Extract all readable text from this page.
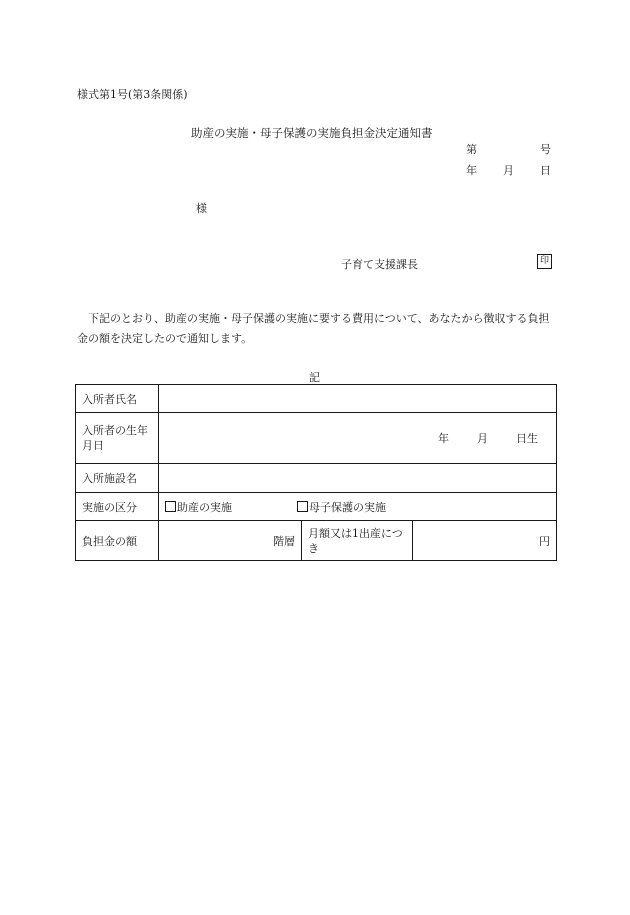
様式第1号(第3条関係)
助産の実施・母子保護の実施負担金決定通知書
第	号
年 月 日
様
子育て支援課長	印
下記のとおり、助産の実施・母子保護の実施に要する費用について、あなたから徴収する負担金の額を決定したので通知します。
記
入所者氏名			
入所者の生年月日	年 月 日生		

入所施設名			
実施の区分	助産の実施 母子保護の実施		
負担金の額	階層	月額又は1出産につき	円
